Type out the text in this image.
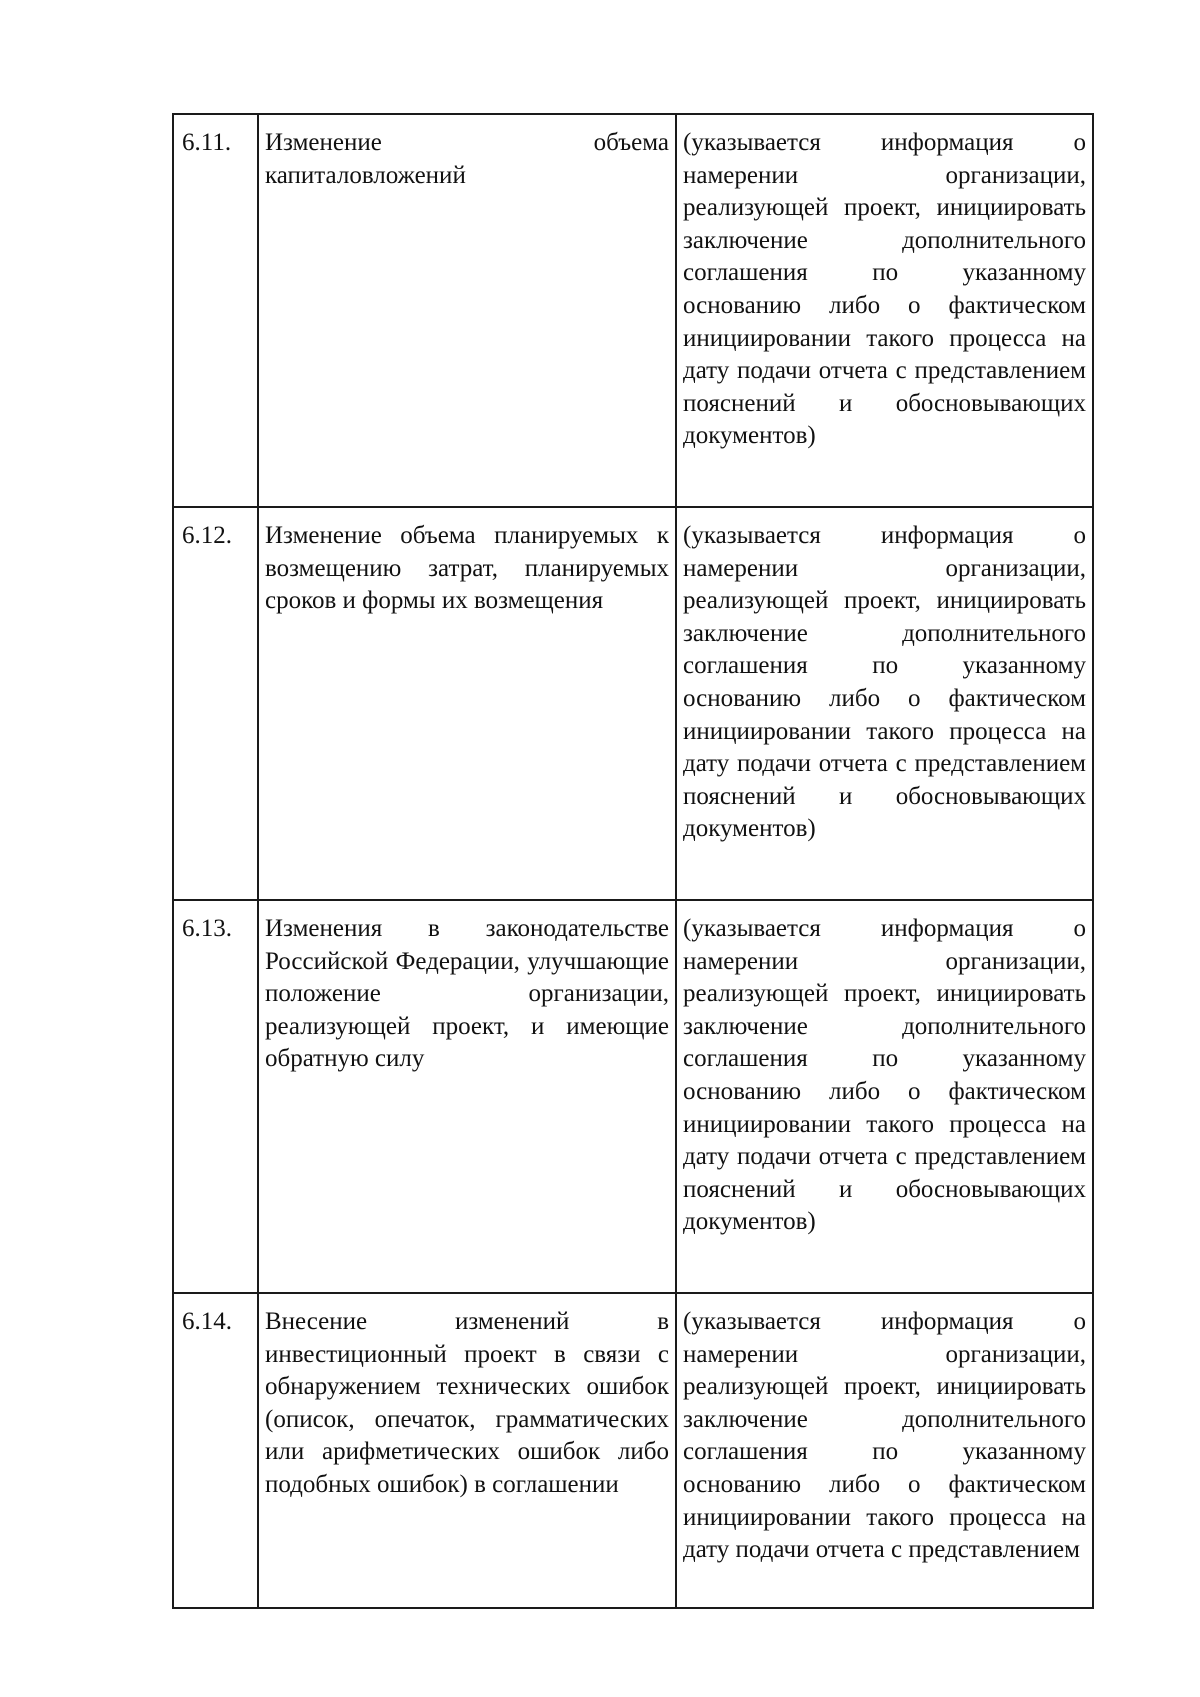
6.11.	Изменение объема капиталовложений	(указывается информация о намерении организации, реализующей проект, инициировать заключение дополнительного соглашения по указанному основанию либо о фактическом инициировании такого процесса на дату подачи отчета с представлением пояснений и обосновывающих документов)
6.12.	Изменение объема планируемых к возмещению затрат, планируемых сроков и формы их возмещения	(указывается информация о намерении организации, реализующей проект, инициировать заключение дополнительного соглашения по указанному основанию либо о фактическом инициировании такого процесса на дату подачи отчета с представлением пояснений и обосновывающих документов)
6.13.	Изменения в законодательстве Российской Федерации, улучшающие положение организации, реализующей проект, и имеющие обратную силу	(указывается информация о намерении организации, реализующей проект, инициировать заключение дополнительного соглашения по указанному основанию либо о фактическом инициировании такого процесса на дату подачи отчета с представлением пояснений и обосновывающих документов)
6.14.	Внесение изменений в инвестиционный проект в связи с обнаружением технических ошибок (описок, опечаток, грамматических или арифметических ошибок либо подобных ошибок) в соглашении	(указывается информация о намерении организации, реализующей проект, инициировать заключение дополнительного соглашения по указанному основанию либо о фактическом инициировании такого процесса на дату подачи отчета с представлением
